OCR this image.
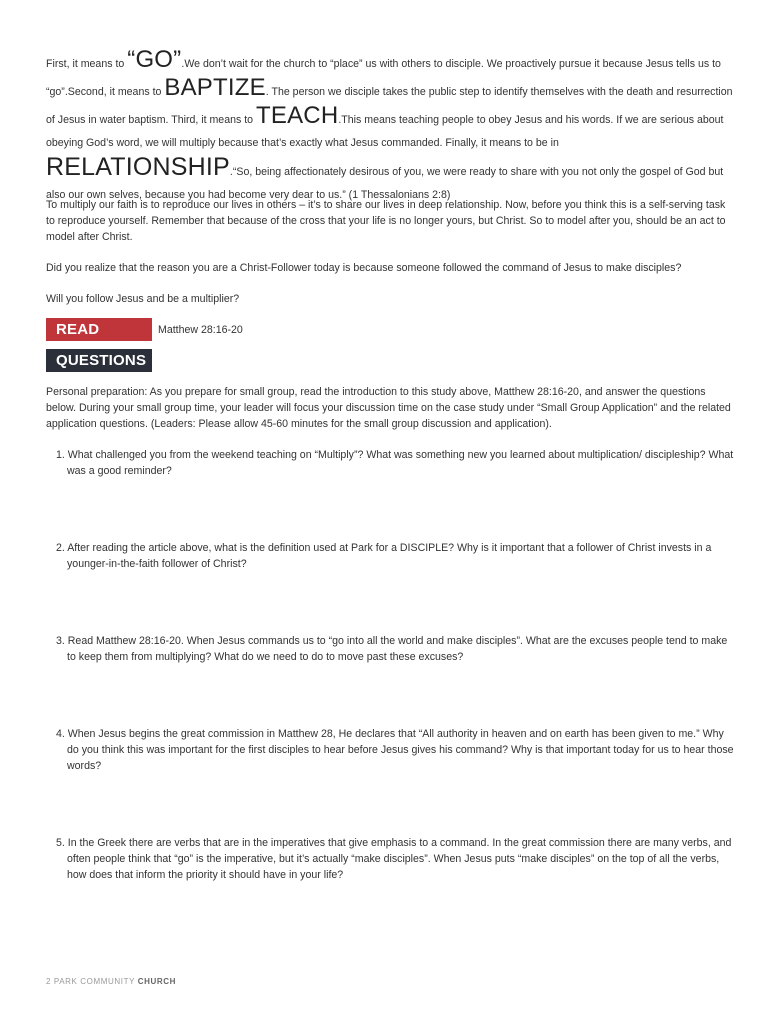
First, it means to “GO”.We don’t wait for the church to “place” us with others to disciple. We proactively pursue it because Jesus tells us to “go”.Second, it means to BAPTIZE. The person we disciple takes the public step to identify themselves with the death and resurrection of Jesus in water baptism. Third, it means to TEACH.This means teaching people to obey Jesus and his words. If we are serious about obeying God’s word, we will multiply because that’s exactly what Jesus commanded. Finally, it means to be in RELATIONSHIP.“So, being affectionately desirous of you, we were ready to share with you not only the gospel of God but also our own selves, because you had become very dear to us.” (1 Thessalonians 2:8)
To multiply our faith is to reproduce our lives in others – it’s to share our lives in deep relationship. Now, before you think this is a self-serving task to reproduce yourself. Remember that because of the cross that your life is no longer yours, but Christ. So to model after you, should be an act to model after Christ.
Did you realize that the reason you are a Christ-Follower today is because someone followed the command of Jesus to make disciples?
Will you follow Jesus and be a multiplier?
READ	Matthew 28:16-20
QUESTIONS
Personal preparation: As you prepare for small group, read the introduction to this study above, Matthew 28:16-20, and answer the questions below. During your small group time, your leader will focus your discussion time on the case study under “Small Group Application” and the related application questions. (Leaders: Please allow 45-60 minutes for the small group discussion and application).
1. What challenged you from the weekend teaching on “Multiply”? What was something new you learned about multiplication/ discipleship? What was a good reminder?
2. After reading the article above, what is the definition used at Park for a DISCIPLE? Why is it important that a follower of Christ invests in a younger-in-the-faith follower of Christ?
3. Read Matthew 28:16-20. When Jesus commands us to “go into all the world and make disciples”. What are the excuses people tend to make to keep them from multiplying? What do we need to do to move past these excuses?
4. When Jesus begins the great commission in Matthew 28, He declares that “All authority in heaven and on earth has been given to me.” Why do you think this was important for the first disciples to hear before Jesus gives his command? Why is that important today for us to hear those words?
5. In the Greek there are verbs that are in the imperatives that give emphasis to a command. In the great commission there are many verbs, and often people think that “go” is the imperative, but it’s actually “make disciples”. When Jesus puts “make disciples” on the top of all the verbs, how does that inform the priority it should have in your life?
2 PARK COMMUNITY CHURCH
